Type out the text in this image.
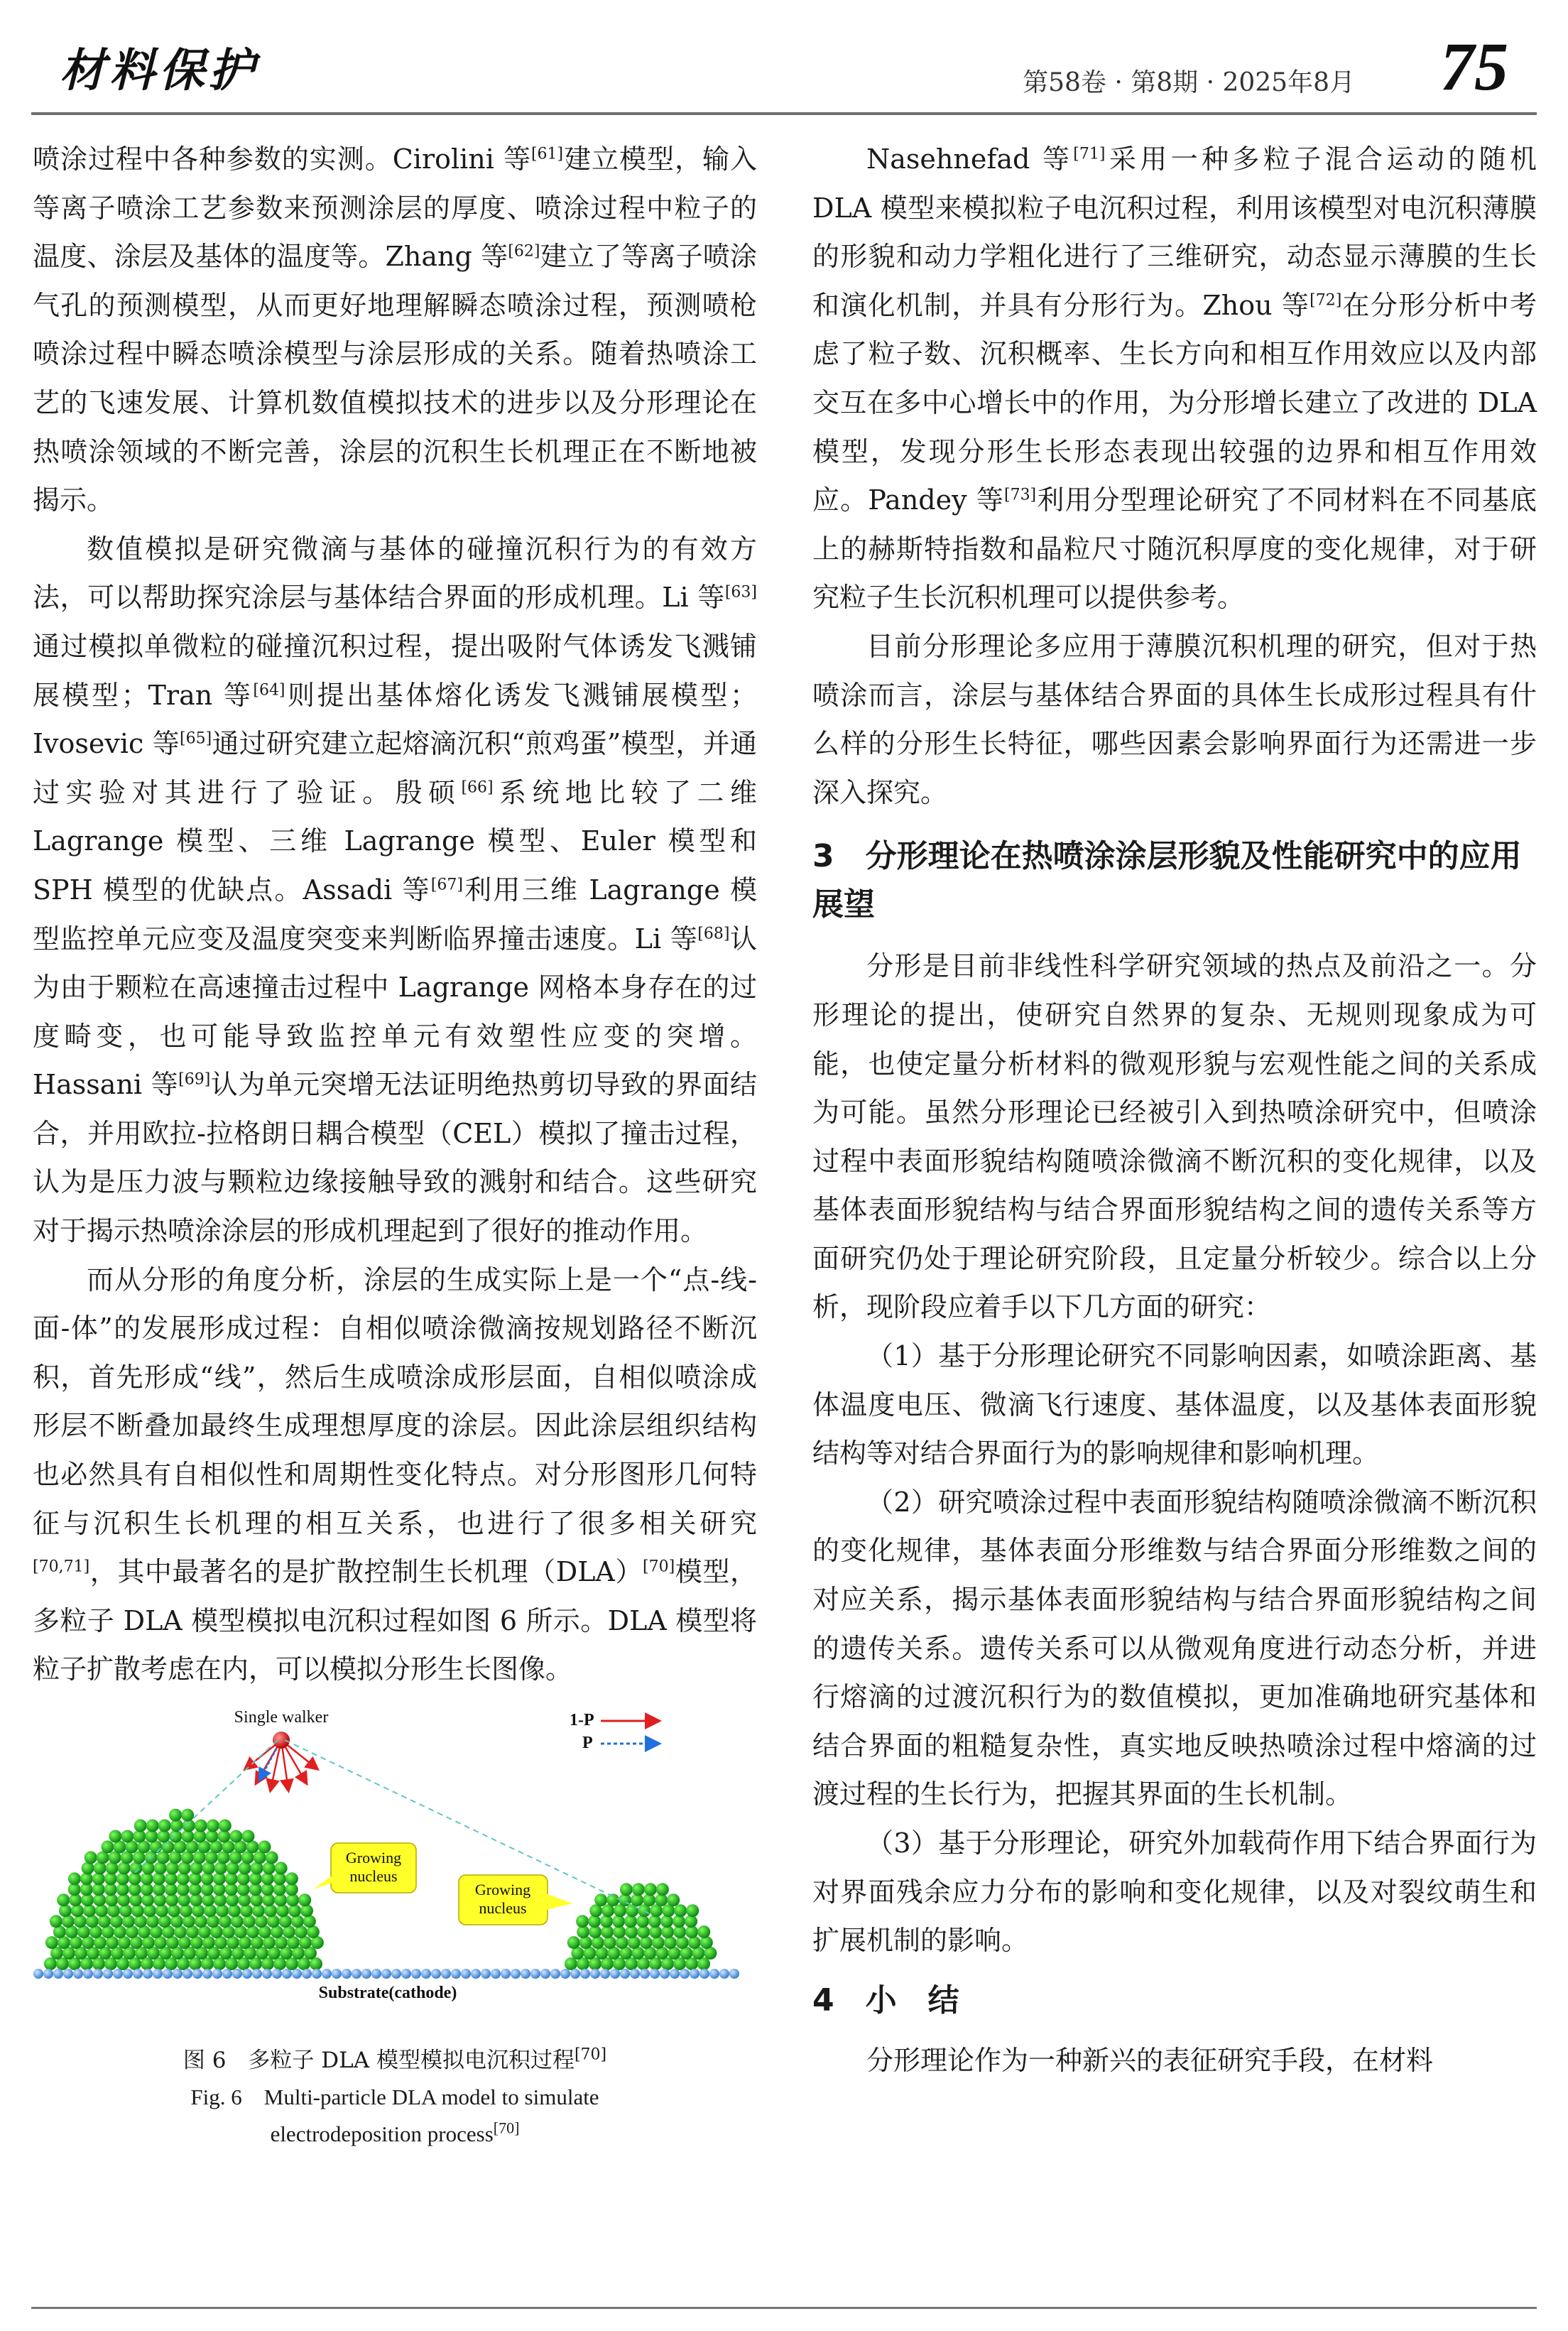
材料保护	第58卷 · 第8期 · 2025年8月 75

喷涂过程中各种参数的实测。Cirolini 等[61]建立模型，输入等离子喷涂工艺参数来预测涂层的厚度、喷涂过程中粒子的温度、涂层及基体的温度等。Zhang 等[62]建立了等离子喷涂气孔的预测模型，从而更好地理解瞬态喷涂过程，预测喷枪喷涂过程中瞬态喷涂模型与涂层形成的关系。随着热喷涂工艺的飞速发展、计算机数值模拟技术的进步以及分形理论在热喷涂领域的不断完善，涂层的沉积生长机理正在不断地被揭示。

数值模拟是研究微滴与基体的碰撞沉积行为的有效方法，可以帮助探究涂层与基体结合界面的形成机理。Li 等[63]通过模拟单微粒的碰撞沉积过程，提出吸附气体诱发飞溅铺展模型；Tran 等[64]则提出基体熔化诱发飞溅铺展模型；Ivosevic 等[65]通过研究建立起熔滴沉积“煎鸡蛋”模型，并通过实验对其进行了验证。殷硕[66]系统地比较了二维 Lagrange 模型、三维 Lagrange 模型、Euler 模型和 SPH 模型的优缺点。Assadi 等[67]利用三维 Lagrange 模型监控单元应变及温度突变来判断临界撞击速度。Li 等[68]认为由于颗粒在高速撞击过程中 Lagrange 网格本身存在的过度畸变，也可能导致监控单元有效塑性应变的突增。Hassani 等[69]认为单元突增无法证明绝热剪切导致的界面结合，并用欧拉-拉格朗日耦合模型（CEL）模拟了撞击过程，认为是压力波与颗粒边缘接触导致的溅射和结合。这些研究对于揭示热喷涂涂层的形成机理起到了很好的推动作用。

而从分形的角度分析，涂层的生成实际上是一个“点-线-面-体”的发展形成过程：自相似喷涂微滴按规划路径不断沉积，首先形成“线”，然后生成喷涂成形层面，自相似喷涂成形层不断叠加最终生成理想厚度的涂层。因此涂层组织结构也必然具有自相似性和周期性变化特点。对分形图形几何特征与沉积生长机理的相互关系，也进行了很多相关研究[70,71]，其中最著名的是扩散控制生长机理（DLA）[70]模型，多粒子 DLA 模型模拟电沉积过程如图 6 所示。DLA 模型将粒子扩散考虑在内，可以模拟分形生长图像。

Single walker	1-P
P
Growing
nucleus
Growing
nucleus
Substrate(cathode)
图 6　多粒子 DLA 模型模拟电沉积过程[70]
Fig. 6　Multi-particle DLA model to simulate
electrodeposition process[70]

Nasehnefad 等[71]采用一种多粒子混合运动的随机 DLA 模型来模拟粒子电沉积过程，利用该模型对电沉积薄膜的形貌和动力学粗化进行了三维研究，动态显示薄膜的生长和演化机制，并具有分形行为。Zhou 等[72]在分形分析中考虑了粒子数、沉积概率、生长方向和相互作用效应以及内部交互在多中心增长中的作用，为分形增长建立了改进的 DLA 模型，发现分形生长形态表现出较强的边界和相互作用效应。Pandey 等[73]利用分型理论研究了不同材料在不同基底上的赫斯特指数和晶粒尺寸随沉积厚度的变化规律，对于研究粒子生长沉积机理可以提供参考。

目前分形理论多应用于薄膜沉积机理的研究，但对于热喷涂而言，涂层与基体结合界面的具体生长成形过程具有什么样的分形生长特征，哪些因素会影响界面行为还需进一步深入探究。

3　分形理论在热喷涂涂层形貌及性能研究中的应用展望

分形是目前非线性科学研究领域的热点及前沿之一。分形理论的提出，使研究自然界的复杂、无规则现象成为可能，也使定量分析材料的微观形貌与宏观性能之间的关系成为可能。虽然分形理论已经被引入到热喷涂研究中，但喷涂过程中表面形貌结构随喷涂微滴不断沉积的变化规律，以及基体表面形貌结构与结合界面形貌结构之间的遗传关系等方面研究仍处于理论研究阶段，且定量分析较少。综合以上分析，现阶段应着手以下几方面的研究：

（1）基于分形理论研究不同影响因素，如喷涂距离、基体温度电压、微滴飞行速度、基体温度，以及基体表面形貌结构等对结合界面行为的影响规律和影响机理。

（2）研究喷涂过程中表面形貌结构随喷涂微滴不断沉积的变化规律，基体表面分形维数与结合界面分形维数之间的对应关系，揭示基体表面形貌结构与结合界面形貌结构之间的遗传关系。遗传关系可以从微观角度进行动态分析，并进行熔滴的过渡沉积行为的数值模拟，更加准确地研究基体和结合界面的粗糙复杂性，真实地反映热喷涂过程中熔滴的过渡过程的生长行为，把握其界面的生长机制。

（3）基于分形理论，研究外加载荷作用下结合界面行为对界面残余应力分布的影响和变化规律，以及对裂纹萌生和扩展机制的影响。

4　小　结

分形理论作为一种新兴的表征研究手段，在材料
